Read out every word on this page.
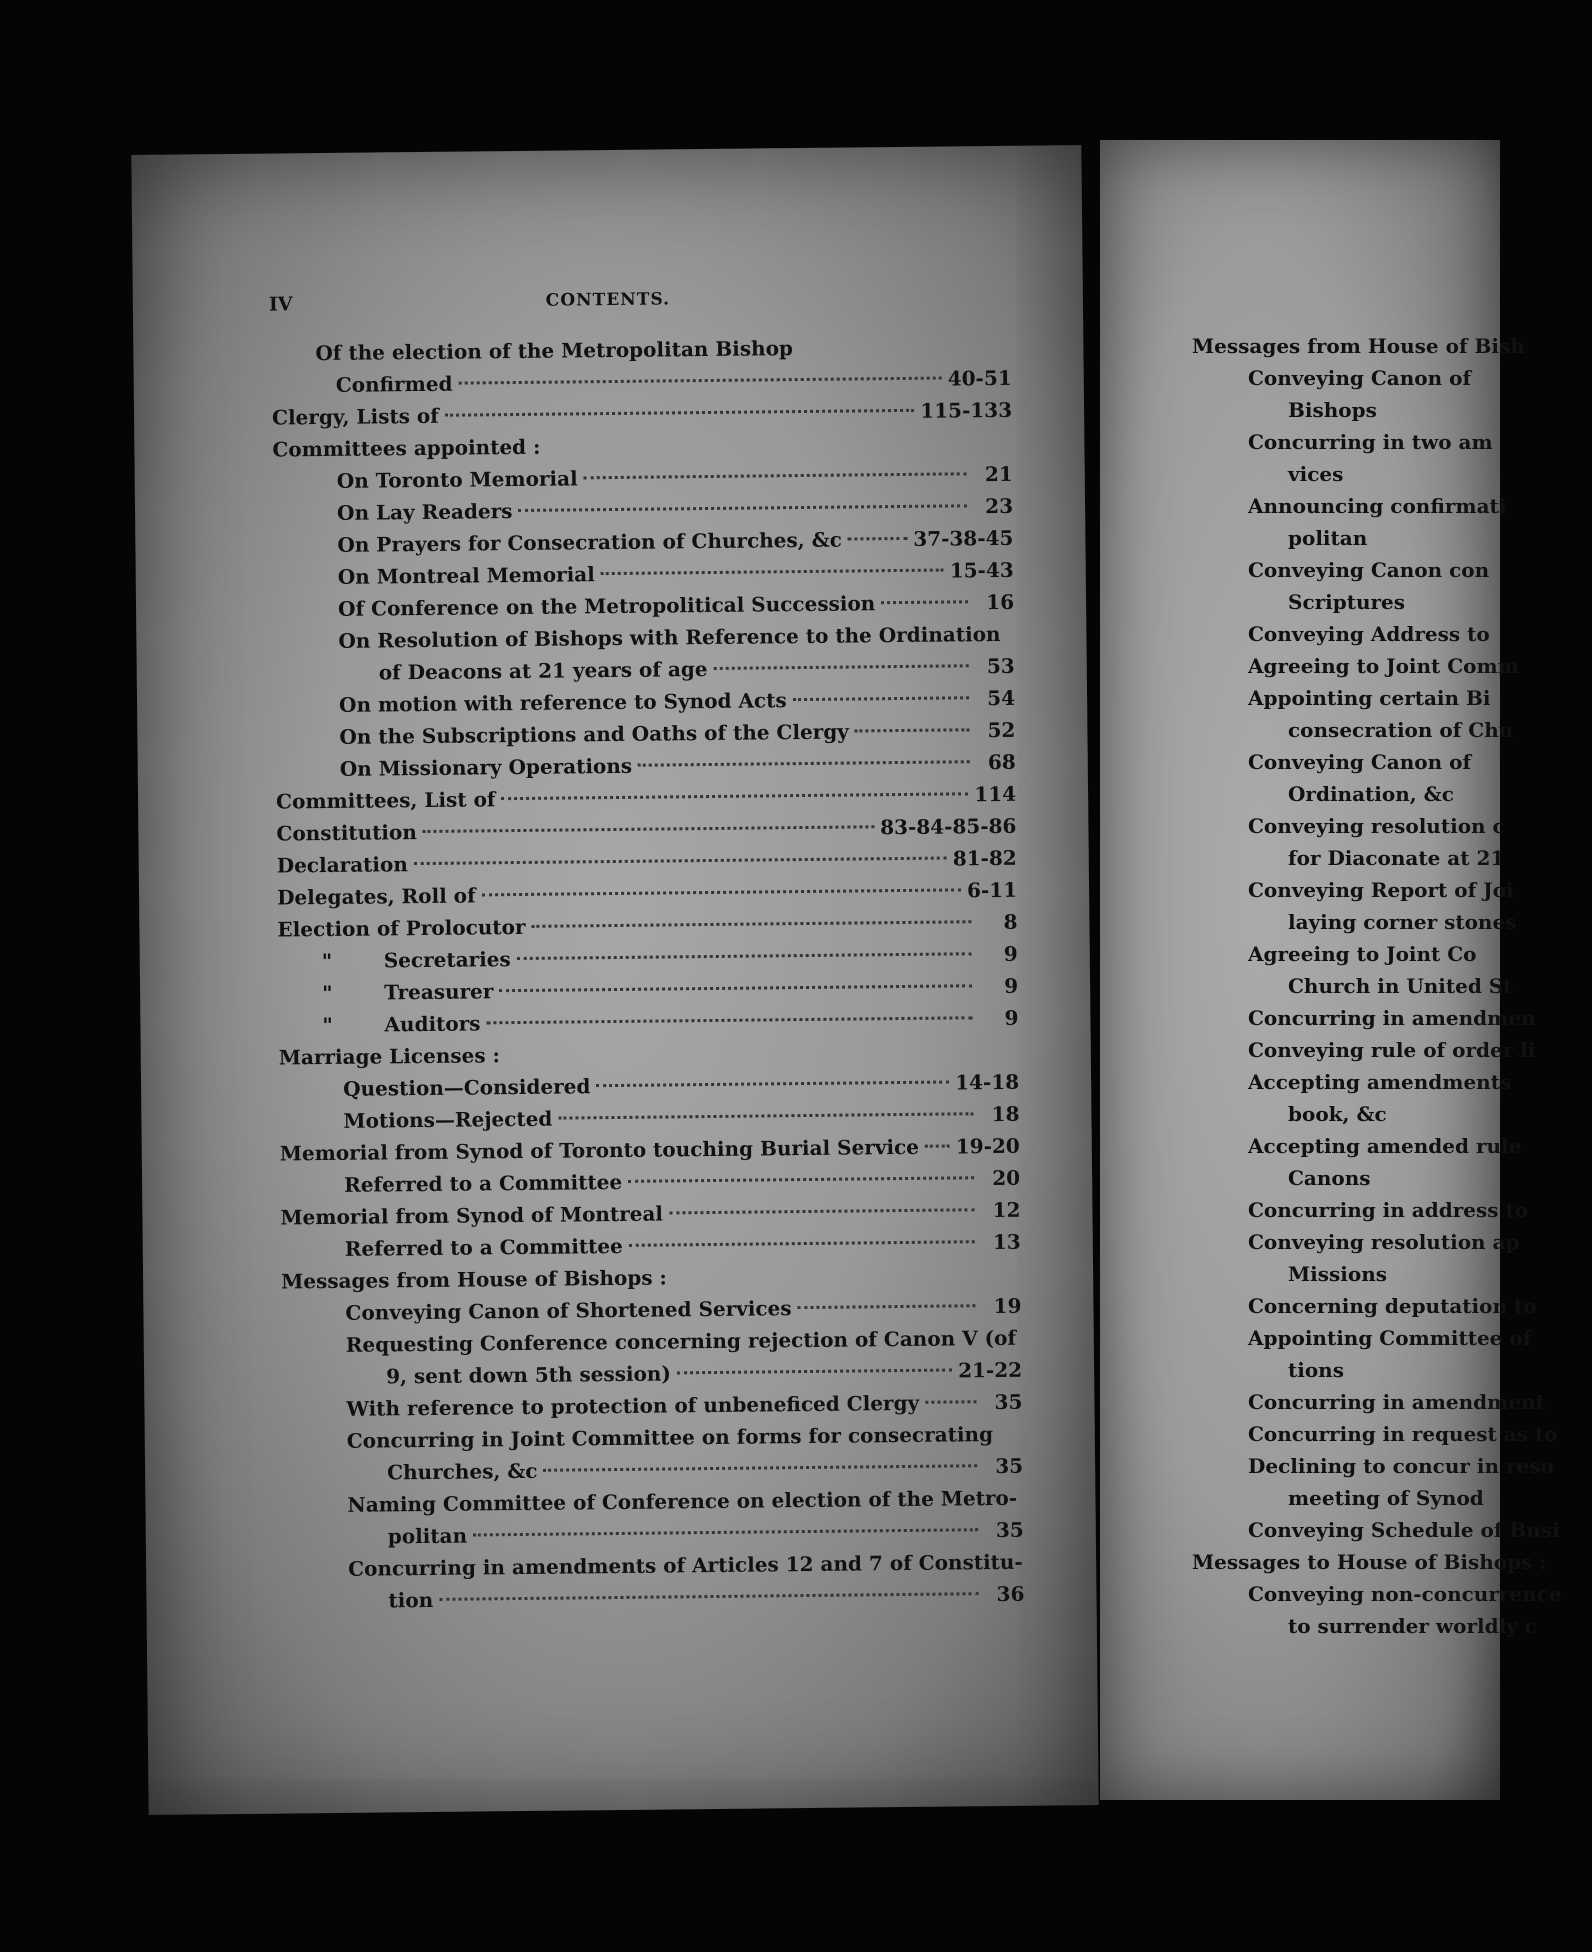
IV	CONTENTS.
Of the election of the Metropolitan Bishop
Confirmed	40-51
Clergy, Lists of	115-133
Committees appointed :
On Toronto Memorial	21
On Lay Readers	23
On Prayers for Consecration of Churches, &c	37-38-45
On Montreal Memorial	15-43
Of Conference on the Metropolitical Succession	16
On Resolution of Bishops with Reference to the Ordination
of Deacons at 21 years of age	53
On motion with reference to Synod Acts	54
On the Subscriptions and Oaths of the Clergy	52
On Missionary Operations	68
Committees, List of	114
Constitution	83-84-85-86
Declaration	81-82
Delegates, Roll of	6-11
Election of Prolocutor	8
"	Secretaries	9
"	Treasurer	9
"	Auditors	9
Marriage Licenses :
Question—Considered	14-18
Motions—Rejected	18
Memorial from Synod of Toronto touching Burial Service 19-20
Referred to a Committee	20
Memorial from Synod of Montreal	12
Referred to a Committee	13
Messages from House of Bishops :
Conveying Canon of Shortened Services	19
Requesting Conference concerning rejection of Canon V (of
9, sent down 5th session)	21-22
With reference to protection of unbeneficed Clergy	35
Concurring in Joint Committee on forms for consecrating
Churches, &c	35
Naming Committee of Conference on election of the Metro-
politan	35
Concurring in amendments of Articles 12 and 7 of Constitu-
tion	36
Messages from House of Bish
Conveying Canon of
Bishops
Concurring in two am
vices
Announcing confirmati
politan
Conveying Canon con
Scriptures
Conveying Address to
Agreeing to Joint Comm
Appointing certain Bi
consecration of Chu
Conveying Canon of
Ordination, &c
Conveying resolution c
for Diaconate at 21
Conveying Report of Joi
laying corner stones
Agreeing to Joint Co
Church in United St
Concurring in amendmen
Conveying rule of order li
Accepting amendments
book, &c
Accepting amended rule
Canons
Concurring in address to
Conveying resolution ap
Missions
Concerning deputation to
Appointing Committee of
tions
Concurring in amendment
Concurring in request as to
Declining to concur in reso
meeting of Synod
Conveying Schedule of Busi
Messages to House of Bishops :
Conveying non-concurrence
to surrender worldly c
